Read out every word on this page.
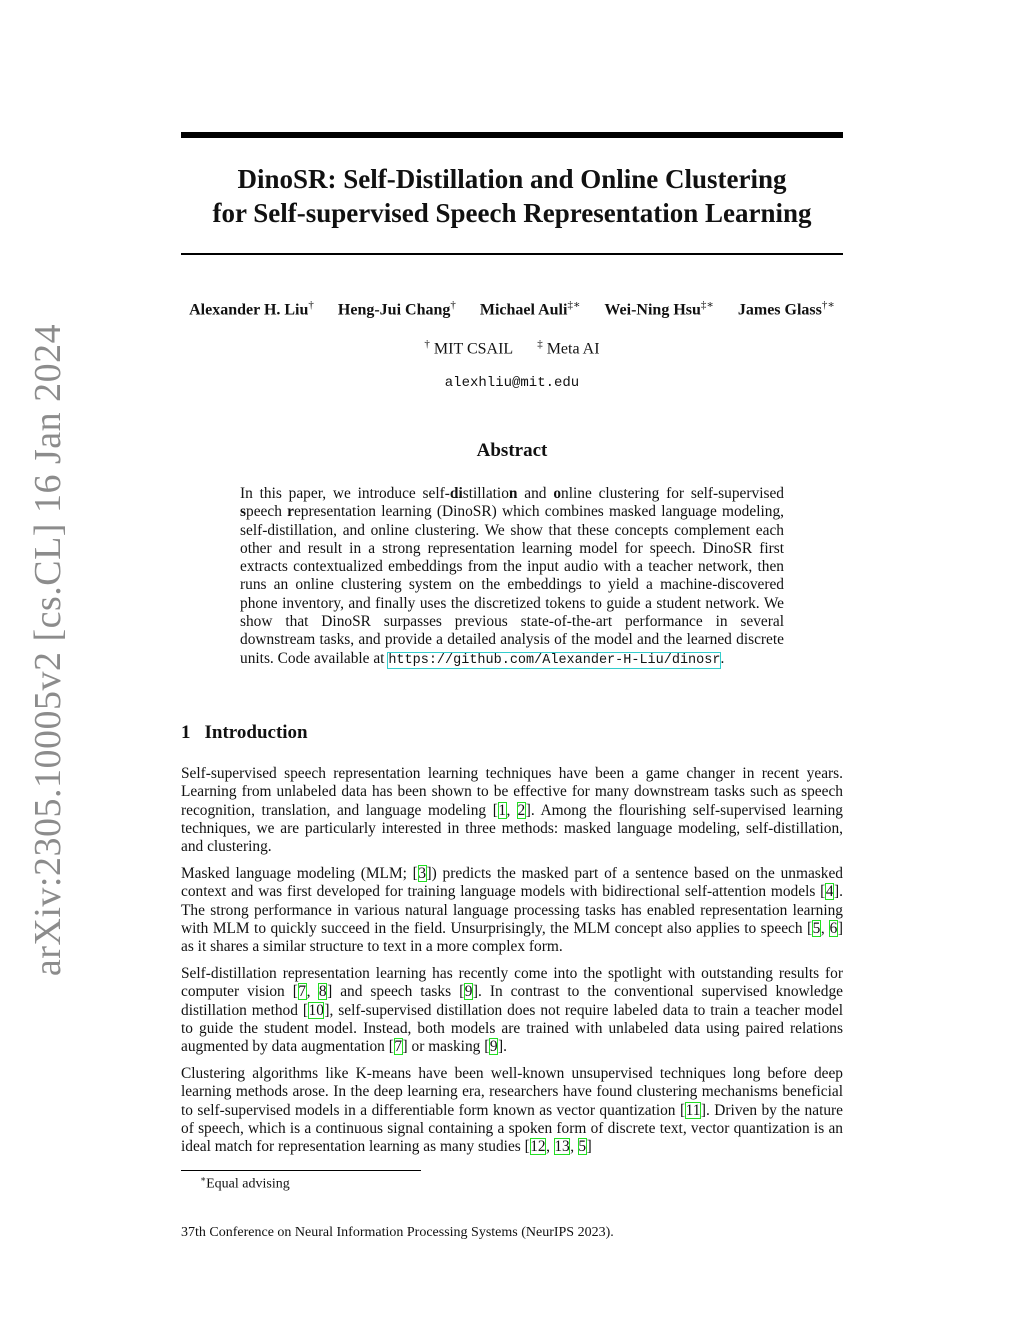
arXiv:2305.10005v2 [cs.CL] 16 Jan 2024
DinoSR: Self-Distillation and Online Clustering
for Self-supervised Speech Representation Learning
Alexander H. Liu† Heng-Jui Chang† Michael Auli‡∗ Wei-Ning Hsu‡∗ James Glass†∗
† MIT CSAIL ‡ Meta AI
alexhliu@mit.edu
Abstract

In this paper, we introduce self-distillation and online clustering for self-supervised speech representation learning (DinoSR) which combines masked language modeling, self-distillation, and online clustering. We show that these concepts complement each other and result in a strong representation learning model for speech. DinoSR first extracts contextualized embeddings from the input audio with a teacher network, then runs an online clustering system on the embeddings to yield a machine-discovered phone inventory, and finally uses the discretized tokens to guide a student network. We show that DinoSR surpasses previous state-of-the-art performance in several downstream tasks, and provide a detailed analysis of the model and the learned discrete units. Code available at https://github.com/Alexander-H-Liu/dinosr.

1 Introduction

Self-supervised speech representation learning techniques have been a game changer in recent years. Learning from unlabeled data has been shown to be effective for many downstream tasks such as speech recognition, translation, and language modeling [1, 2]. Among the flourishing self-supervised learning techniques, we are particularly interested in three methods: masked language modeling, self-distillation, and clustering.

Masked language modeling (MLM; [3]) predicts the masked part of a sentence based on the unmasked context and was first developed for training language models with bidirectional self-attention models [4]. The strong performance in various natural language processing tasks has enabled representation learning with MLM to quickly succeed in the field. Unsurprisingly, the MLM concept also applies to speech [5, 6] as it shares a similar structure to text in a more complex form.

Self-distillation representation learning has recently come into the spotlight with outstanding results for computer vision [7, 8] and speech tasks [9]. In contrast to the conventional supervised knowledge distillation method [10], self-supervised distillation does not require labeled data to train a teacher model to guide the student model. Instead, both models are trained with unlabeled data using paired relations augmented by data augmentation [7] or masking [9].

Clustering algorithms like K-means have been well-known unsupervised techniques long before deep learning methods arose. In the deep learning era, researchers have found clustering mechanisms beneficial to self-supervised models in a differentiable form known as vector quantization [11]. Driven by the nature of speech, which is a continuous signal containing a spoken form of discrete text, vector quantization is an ideal match for representation learning as many studies [12, 13, 5]

∗Equal advising
37th Conference on Neural Information Processing Systems (NeurIPS 2023).
